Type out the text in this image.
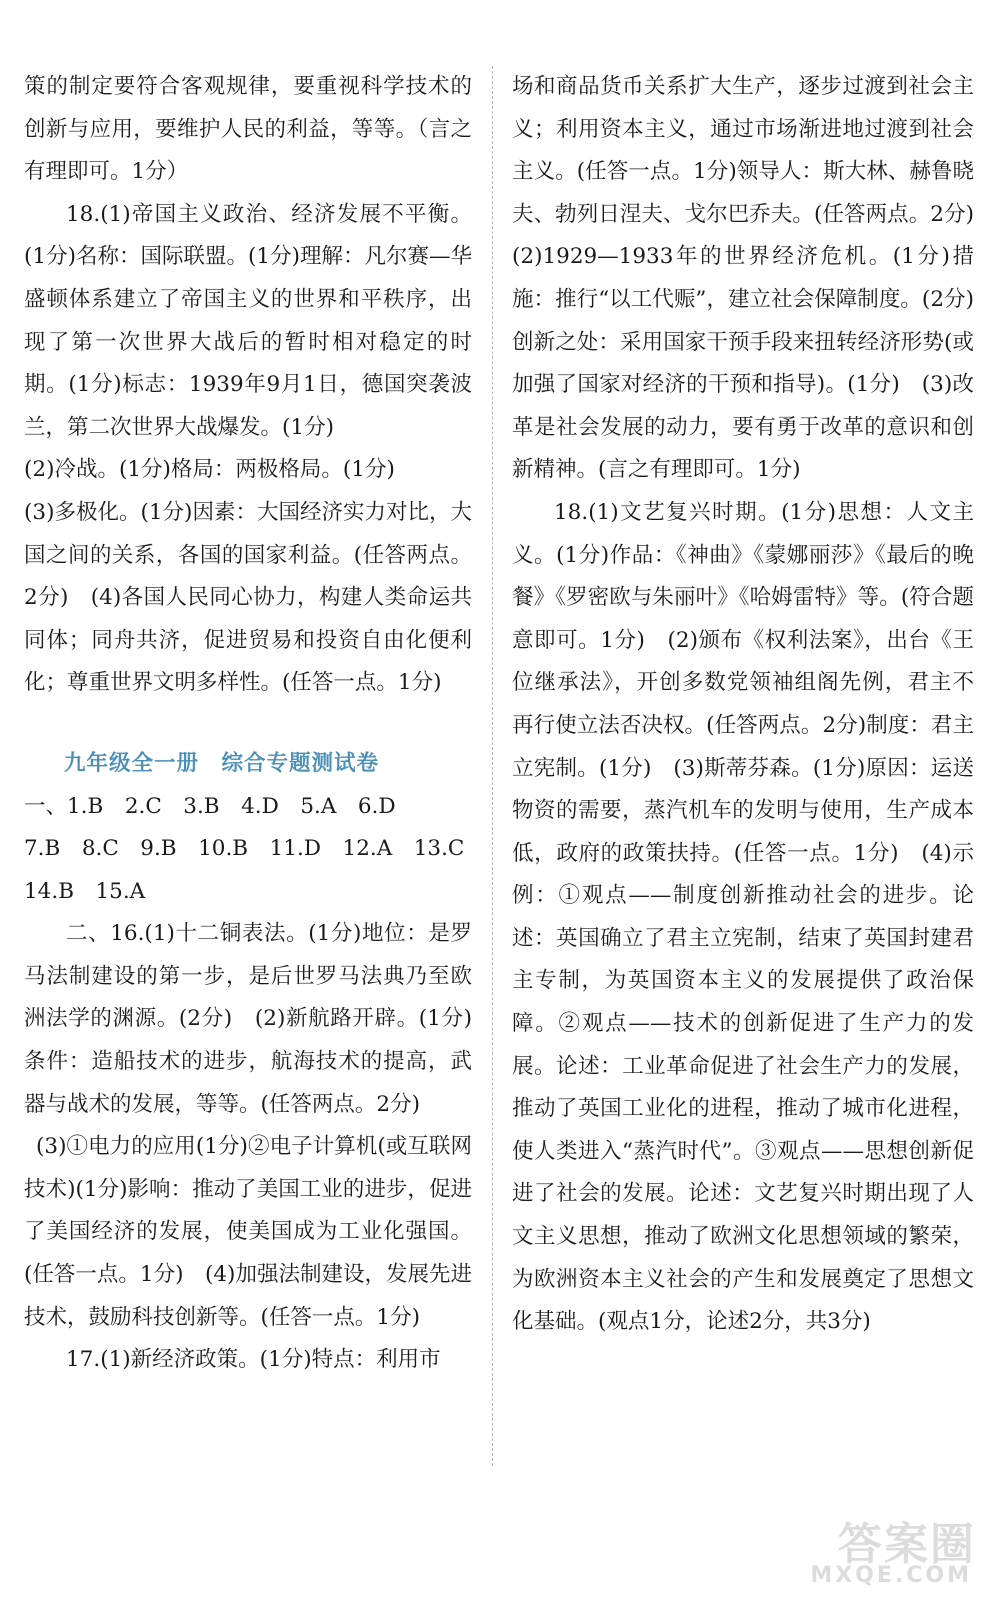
策的制定要符合客观规律，要重视科学技术的创新与应用，要维护人民的利益，等等。（言之有理即可。1分）

18.(1)帝国主义政治、经济发展不平衡。(1分)名称：国际联盟。(1分)理解：凡尔赛—华盛顿体系建立了帝国主义的世界和平秩序，出现了第一次世界大战后的暂时相对稳定的时期。(1分)标志：1939年9月1日，德国突袭波兰，第二次世界大战爆发。(1分)

(2)冷战。(1分)格局：两极格局。(1分)

(3)多极化。(1分)因素：大国经济实力对比，大国之间的关系，各国的国家利益。(任答两点。2分)　(4)各国人民同心协力，构建人类命运共同体；同舟共济，促进贸易和投资自由化便利化；尊重世界文明多样性。(任答一点。1分)

九年级全一册　综合专题测试卷

一、1.B　2.C　3.B　4.D　5.A　6.D

7.B　8.C　9.B　10.B　11.D　12.A　13.C

14.B　15.A

二、16.(1)十二铜表法。(1分)地位：是罗马法制建设的第一步，是后世罗马法典乃至欧洲法学的渊源。(2分)　(2)新航路开辟。(1分)条件：造船技术的进步，航海技术的提高，武器与战术的发展，等等。(任答两点。2分)

(3)①电力的应用(1分)②电子计算机(或互联网技术)(1分)影响：推动了美国工业的进步，促进了美国经济的发展，使美国成为工业化强国。(任答一点。1分)　(4)加强法制建设，发展先进技术，鼓励科技创新等。(任答一点。1分)

17.(1)新经济政策。(1分)特点：利用市

场和商品货币关系扩大生产，逐步过渡到社会主义；利用资本主义，通过市场渐进地过渡到社会主义。(任答一点。1分)领导人：斯大林、赫鲁晓夫、勃列日涅夫、戈尔巴乔夫。(任答两点。2分)　(2)1929—1933年的世界经济危机。(1分)措施：推行“以工代赈”，建立社会保障制度。(2分)创新之处：采用国家干预手段来扭转经济形势(或加强了国家对经济的干预和指导)。(1分)　(3)改革是社会发展的动力，要有勇于改革的意识和创新精神。(言之有理即可。1分)

18.(1)文艺复兴时期。(1分)思想：人文主义。(1分)作品：《神曲》《蒙娜丽莎》《最后的晚餐》《罗密欧与朱丽叶》《哈姆雷特》等。(符合题意即可。1分)　(2)颁布《权利法案》，出台《王位继承法》，开创多数党领袖组阁先例，君主不再行使立法否决权。(任答两点。2分)制度：君主立宪制。(1分)　(3)斯蒂芬森。(1分)原因：运送物资的需要，蒸汽机车的发明与使用，生产成本低，政府的政策扶持。(任答一点。1分)　(4)示例：①观点——制度创新推动社会的进步。论述：英国确立了君主立宪制，结束了英国封建君主专制，为英国资本主义的发展提供了政治保障。②观点——技术的创新促进了生产力的发展。论述：工业革命促进了社会生产力的发展，推动了英国工业化的进程，推动了城市化进程，使人类进入“蒸汽时代”。③观点——思想创新促进了社会的发展。论述：文艺复兴时期出现了人文主义思想，推动了欧洲文化思想领域的繁荣，为欧洲资本主义社会的产生和发展奠定了思想文化基础。(观点1分，论述2分，共3分)

答案圈
MXQE.COM
